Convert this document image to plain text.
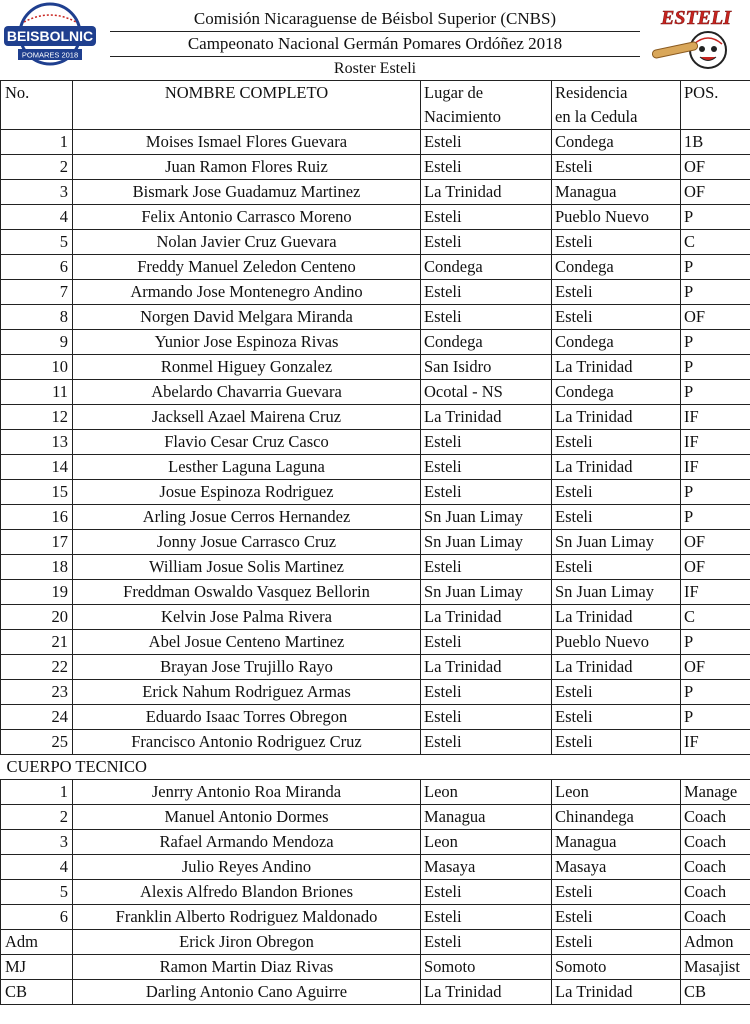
BEISBOLNIC
POMARES 2018
Comisión Nicaraguense de Béisbol Superior (CNBS)
Campeonato Nacional Germán Pomares Ordóñez 2018
Roster Esteli
ESTELI
No.	NOMBRE COMPLETO	Lugar de	Residencia	POS.
		Nacimiento	en la Cedula	
1	Moises Ismael Flores Guevara	Esteli	Condega	1B
2	Juan Ramon Flores Ruiz	Esteli	Esteli	OF
3	Bismark Jose Guadamuz Martinez	La Trinidad	Managua	OF
4	Felix Antonio Carrasco Moreno	Esteli	Pueblo Nuevo	P
5	Nolan Javier Cruz Guevara	Esteli	Esteli	C
6	Freddy Manuel Zeledon Centeno	Condega	Condega	P
7	Armando Jose Montenegro Andino	Esteli	Esteli	P
8	Norgen David Melgara Miranda	Esteli	Esteli	OF
9	Yunior Jose Espinoza Rivas	Condega	Condega	P
10	Ronmel Higuey Gonzalez	San Isidro	La Trinidad	P
11	Abelardo Chavarria Guevara	Ocotal - NS	Condega	P
12	Jacksell Azael Mairena Cruz	La Trinidad	La Trinidad	IF
13	Flavio Cesar Cruz Casco	Esteli	Esteli	IF
14	Lesther Laguna Laguna	Esteli	La Trinidad	IF
15	Josue Espinoza Rodriguez	Esteli	Esteli	P
16	Arling Josue Cerros Hernandez	Sn Juan Limay	Esteli	P
17	Jonny Josue Carrasco Cruz	Sn Juan Limay	Sn Juan Limay	OF
18	William Josue Solis Martinez	Esteli	Esteli	OF
19	Freddman Oswaldo Vasquez Bellorin	Sn Juan Limay	Sn Juan Limay	IF
20	Kelvin Jose Palma Rivera	La Trinidad	La Trinidad	C
21	Abel Josue Centeno Martinez	Esteli	Pueblo Nuevo	P
22	Brayan Jose Trujillo Rayo	La Trinidad	La Trinidad	OF
23	Erick Nahum Rodriguez Armas	Esteli	Esteli	P
24	Eduardo Isaac Torres Obregon	Esteli	Esteli	P
25	Francisco Antonio Rodriguez Cruz	Esteli	Esteli	IF
CUERPO TECNICO				
1	Jenrry Antonio Roa Miranda	Leon	Leon	Manage
2	Manuel Antonio Dormes	Managua	Chinandega	Coach
3	Rafael Armando Mendoza	Leon	Managua	Coach
4	Julio Reyes Andino	Masaya	Masaya	Coach
5	Alexis Alfredo Blandon Briones	Esteli	Esteli	Coach
6	Franklin Alberto Rodriguez Maldonado	Esteli	Esteli	Coach
Adm	Erick Jiron Obregon	Esteli	Esteli	Admon
MJ	Ramon Martin Diaz Rivas	Somoto	Somoto	Masajist
CB	Darling Antonio Cano Aguirre	La Trinidad	La Trinidad	CB
